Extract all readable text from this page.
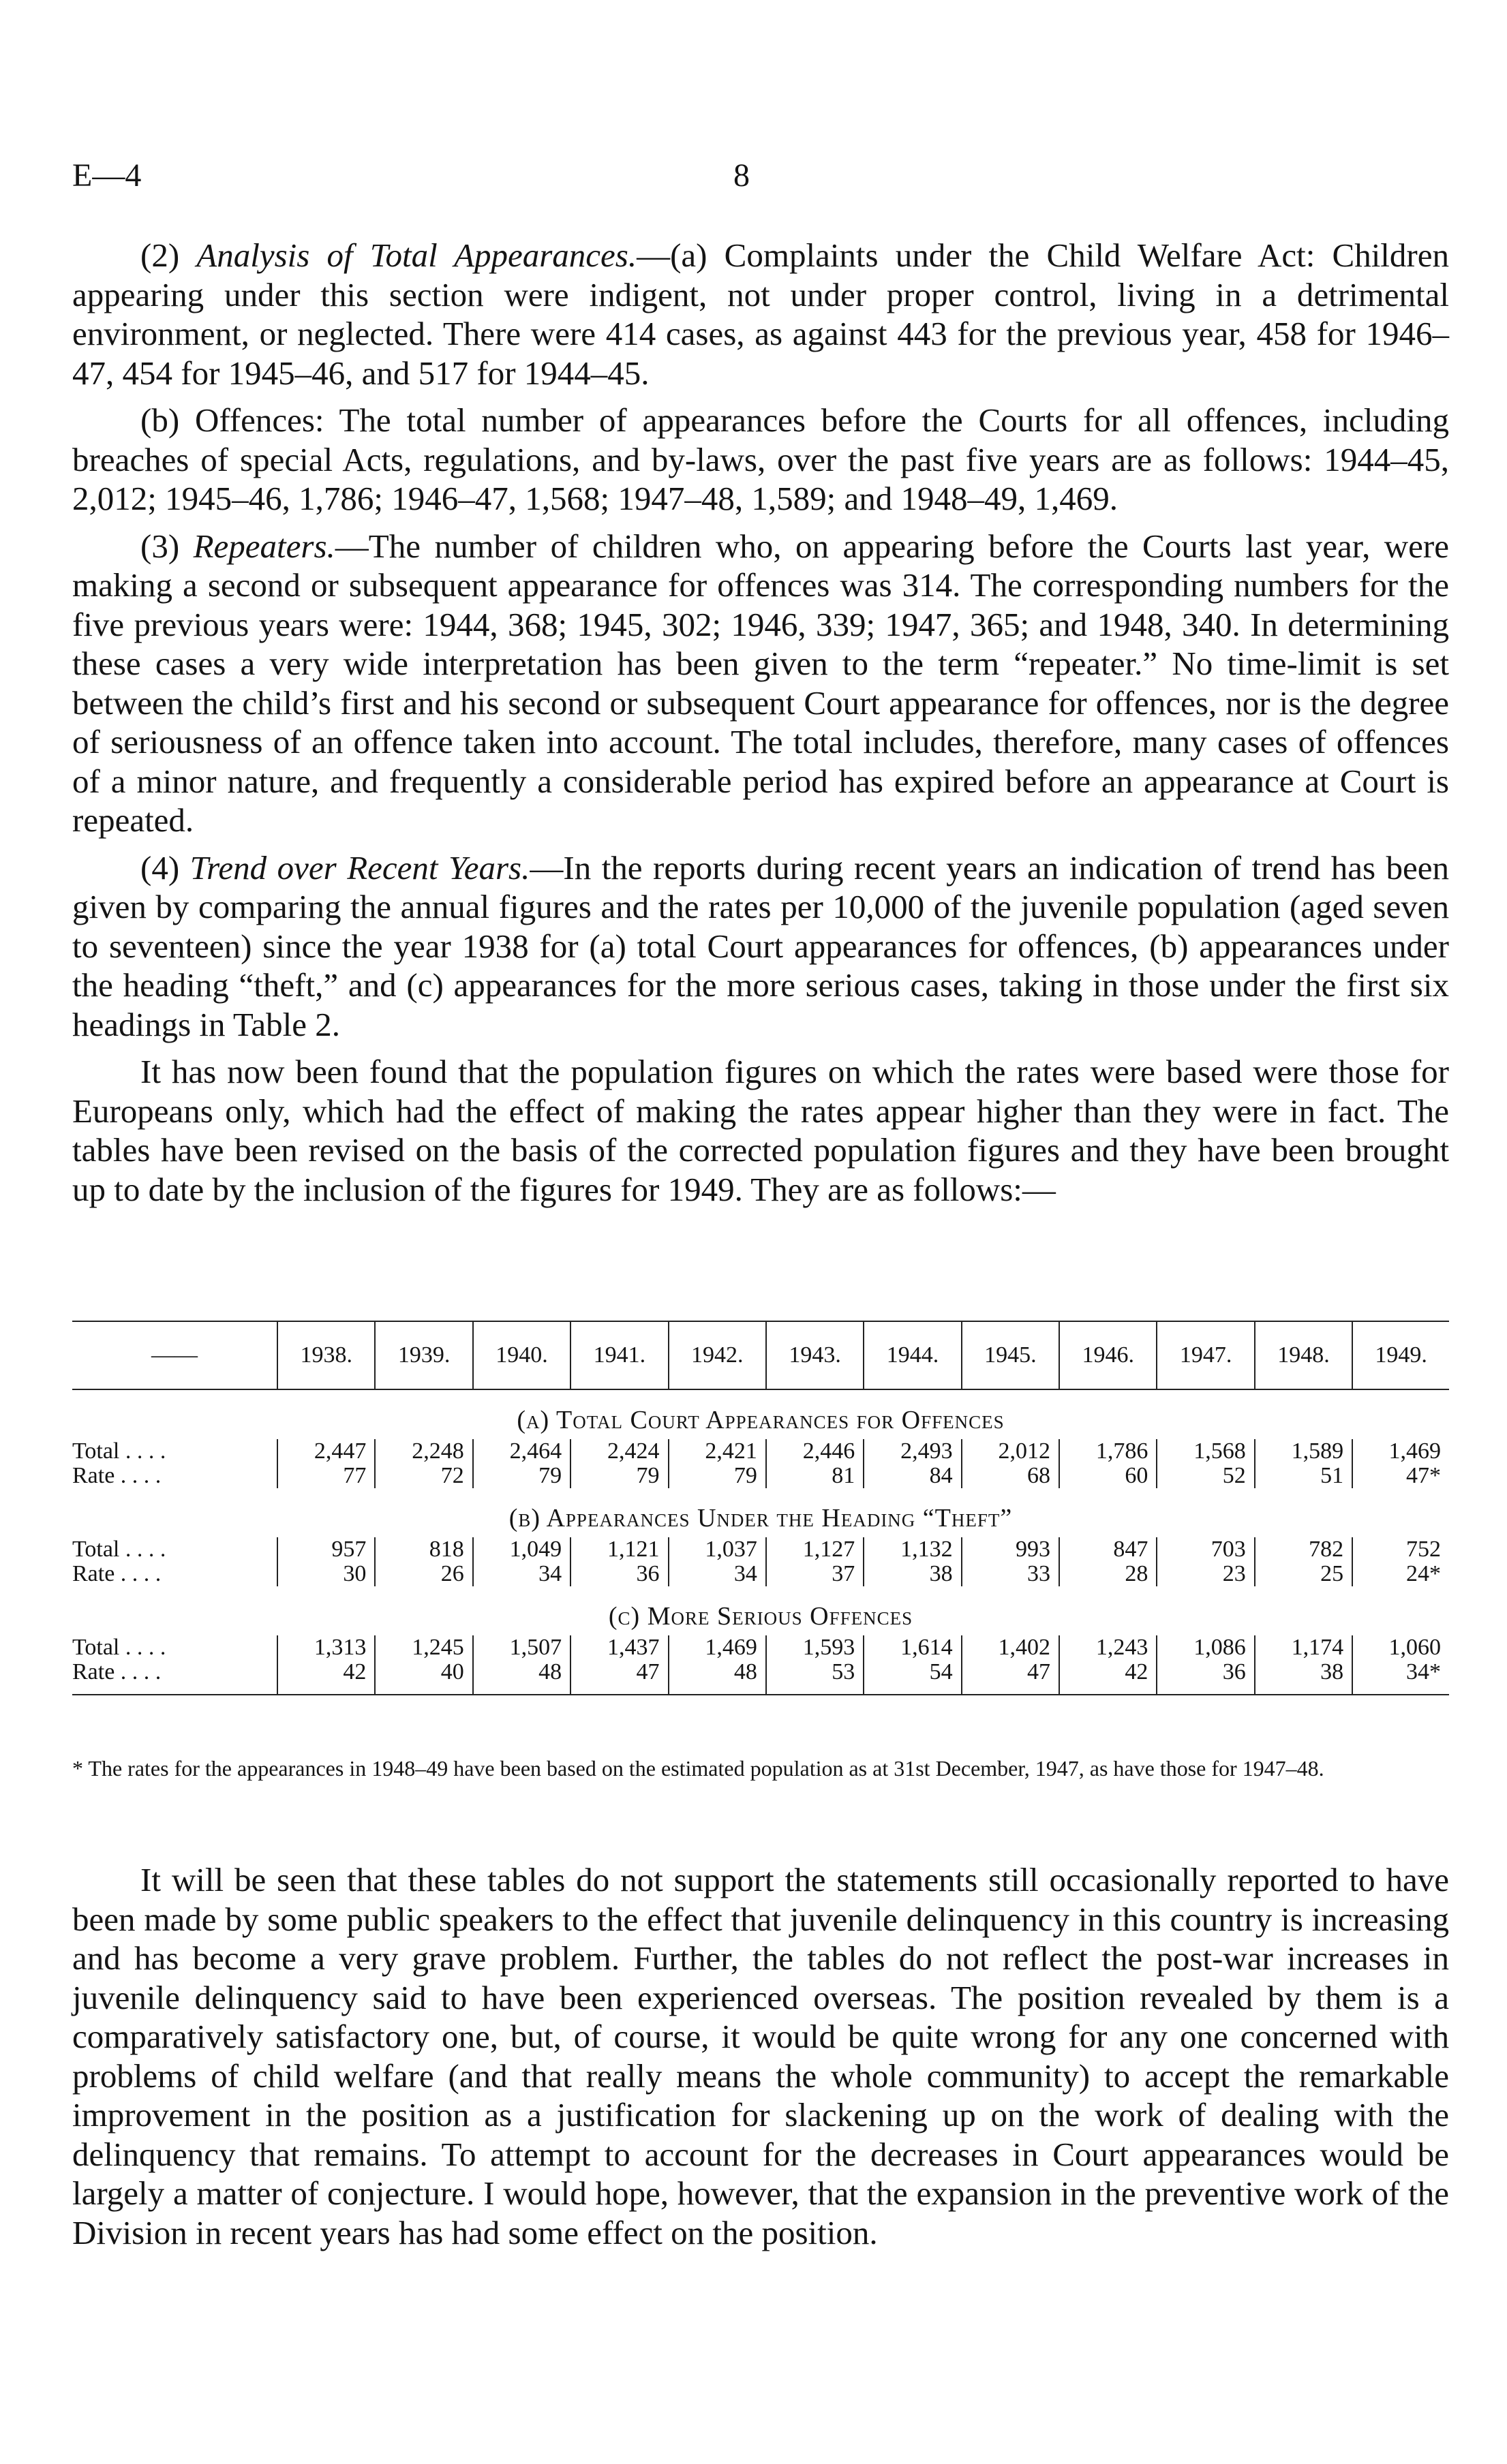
E—4	8

(2) Analysis of Total Appearances.—(a) Complaints under the Child Welfare Act: Children appearing under this section were indigent, not under proper control, living in a detrimental environment, or neglected. There were 414 cases, as against 443 for the previous year, 458 for 1946–47, 454 for 1945–46, and 517 for 1944–45.

(b) Offences: The total number of appearances before the Courts for all offences, including breaches of special Acts, regulations, and by-laws, over the past five years are as follows: 1944–45, 2,012; 1945–46, 1,786; 1946–47, 1,568; 1947–48, 1,589; and 1948–49, 1,469.

(3) Repeaters.—The number of children who, on appearing before the Courts last year, were making a second or subsequent appearance for offences was 314. The corresponding numbers for the five previous years were: 1944, 368; 1945, 302; 1946, 339; 1947, 365; and 1948, 340. In determining these cases a very wide interpretation has been given to the term “repeater.” No time-limit is set between the child’s first and his second or subsequent Court appearance for offences, nor is the degree of seriousness of an offence taken into account. The total includes, therefore, many cases of offences of a minor nature, and frequently a considerable period has expired before an appearance at Court is repeated.

(4) Trend over Recent Years.—In the reports during recent years an indication of trend has been given by comparing the annual figures and the rates per 10,000 of the juvenile population (aged seven to seventeen) since the year 1938 for (a) total Court appearances for offences, (b) appearances under the heading “theft,” and (c) appearances for the more serious cases, taking in those under the first six headings in Table 2.

It has now been found that the population figures on which the rates were based were those for Europeans only, which had the effect of making the rates appear higher than they were in fact. The tables have been revised on the basis of the corrected population figures and they have been brought up to date by the inclusion of the figures for 1949. They are as follows:—

——	1938.	1939.	1940.	1941.	1942.	1943.	1944.	1945.	1946.	1947.	1948.	1949.
(a) Total Court Appearances for Offences												
Total . . . .	2,447	2,248	2,464	2,424	2,421	2,446	2,493	2,012	1,786	1,568	1,589	1,469
Rate . . . .	77	72	79	79	79	81	84	68	60	52	51	47*
(b) Appearances Under the Heading “Theft”												
Total . . . .	957	818	1,049	1,121	1,037	1,127	1,132	993	847	703	782	752
Rate . . . .	30	26	34	36	34	37	38	33	28	23	25	24*
(c) More Serious Offences												
Total . . . .	1,313	1,245	1,507	1,437	1,469	1,593	1,614	1,402	1,243	1,086	1,174	1,060
Rate . . . .	42	40	48	47	48	53	54	47	42	36	38	34*
* The rates for the appearances in 1948–49 have been based on the estimated population as at 31st December, 1947, as have those for 1947–48.

It will be seen that these tables do not support the statements still occasionally reported to have been made by some public speakers to the effect that juvenile delinquency in this country is increasing and has become a very grave problem. Further, the tables do not reflect the post-war increases in juvenile delinquency said to have been experienced overseas. The position revealed by them is a comparatively satisfactory one, but, of course, it would be quite wrong for any one concerned with problems of child welfare (and that really means the whole community) to accept the remarkable improvement in the position as a justification for slackening up on the work of dealing with the delinquency that remains. To attempt to account for the decreases in Court appearances would be largely a matter of conjecture. I would hope, however, that the expansion in the preventive work of the Division in recent years has had some effect on the position.
